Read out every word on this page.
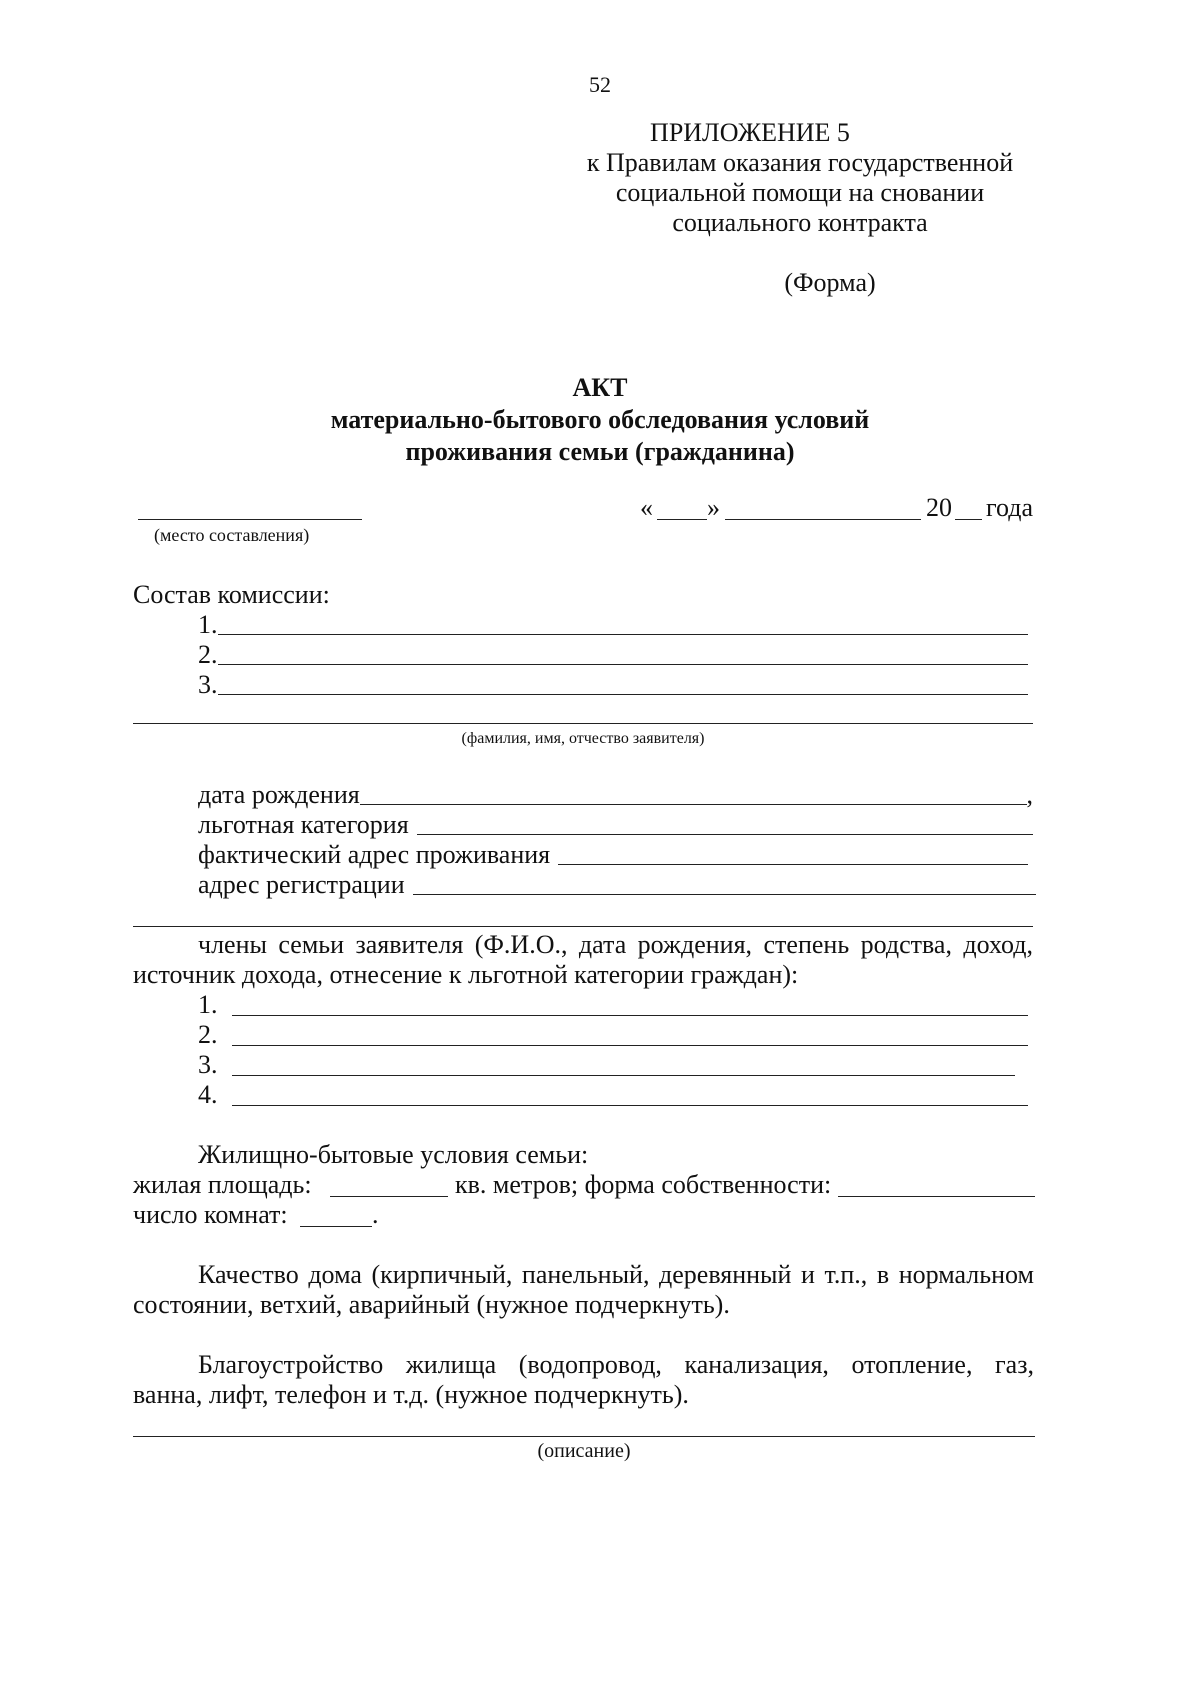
52
ПРИЛОЖЕНИЕ 5
к Правилам оказания государственной
социальной помощи на сновании
социального контракта
(Форма)
АКТ
материально-бытового обследования условий
проживания семьи (гражданина)
(место составления)
« »	20 года
Состав комиссии:
1.
2.
3.
(фамилия, имя, отчество заявителя)
дата рождения	,
льготная категория
фактический адрес проживания
адрес регистрации
члены семьи заявителя (Ф.И.О., дата рождения, степень родства, доход,
источник дохода, отнесение к льготной категории граждан):
1.
2.
3.
4.
Жилищно-бытовые условия семьи:
жилая площадь:	кв. метров; форма собственности:
число комнат:	.
Качество дома (кирпичный, панельный, деревянный и т.п., в нормальном
состоянии, ветхий, аварийный (нужное подчеркнуть).
Благоустройство жилища (водопровод, канализация, отопление, газ,
ванна, лифт, телефон и т.д. (нужное подчеркнуть).
(описание)
